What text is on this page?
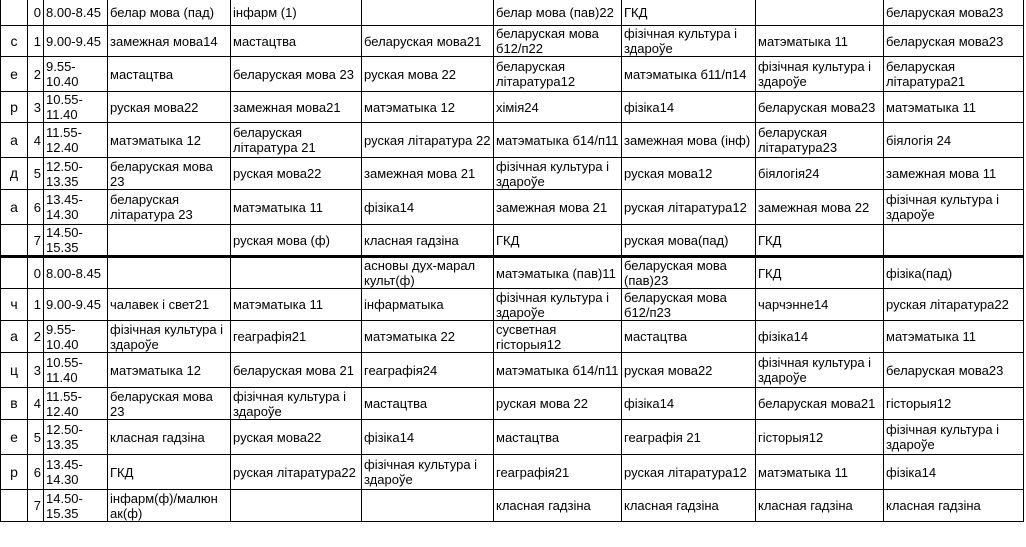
	0	8.00-8.45	белар мова (пад)	інфарм (1)		белар мова (пав)22	ГКД		беларуская мова23
с	1	9.00-9.45	замежная мова14	мастацтва	беларуская мова21	беларуская мова б12/п22	фізічная культура і здароўе	матэматыка 11	беларуская мова23
е	2	9.55-10.40	мастацтва	беларуская мова 23	руская мова 22	беларуская літаратура12	матэматыка б11/п14	фізічная культура і здароўе	беларуская літаратура21
р	3	10.55-11.40	руская мова22	замежная мова21	матэматыка 12	хімія24	фізіка14	беларуская мова23	матэматыка 11
а	4	11.55-12.40	матэматыка 12	беларуская літаратура 21	руская літаратура 22	матэматыка б14/п11	замежная мова (інф)	беларуская літаратура23	біялогія 24
д	5	12.50-13.35	беларуская мова 23	руская мова22	замежная мова 21	фізічная культура і здароўе	руская мова12	біялогія24	замежная мова 11
а	6	13.45-14.30	беларуская літаратура 23	матэматыка 11	фізіка14	замежная мова 21	руская літаратура12	замежная мова 22	фізічная культура і здароўе
	7	14.50-15.35		руская мова (ф)	класная гадзіна	ГКД	руская мова(пад)	ГКД	
	0	8.00-8.45			асновы дух-марал культ(ф)	матэматыка (пав)11	беларуская мова (пав)23	ГКД	фізіка(пад)
ч	1	9.00-9.45	чалавек і свет21	матэматыка 11	інфарматыка	фізічная культура і здароўе	беларуская мова б12/п23	чарчэнне14	руская літаратура22
а	2	9.55-10.40	фізічная культура і здароўе	геаграфія21	матэматыка 22	сусветная гісторыя12	мастацтва	фізіка14	матэматыка 11
ц	3	10.55-11.40	матэматыка 12	беларуская мова 21	геаграфія24	матэматыка б14/п11	руская мова22	фізічная культура і здароўе	беларуская мова23
в	4	11.55-12.40	беларуская мова 23	фізічная культура і здароўе	мастацтва	руская мова 22	фізіка14	беларуская мова21	гісторыя12
е	5	12.50-13.35	класная гадзіна	руская мова22	фізіка14	мастацтва	геаграфія 21	гісторыя12	фізічная культура і здароўе
р	6	13.45-14.30	ГКД	руская літаратура22	фізічная культура і здароўе	геаграфія21	руская літаратура12	матэматыка 11	фізіка14
	7	14.50-15.35	інфарм(ф)/малюн ак(ф)			класная гадзіна	класная гадзіна	класная гадзіна	класная гадзіна
